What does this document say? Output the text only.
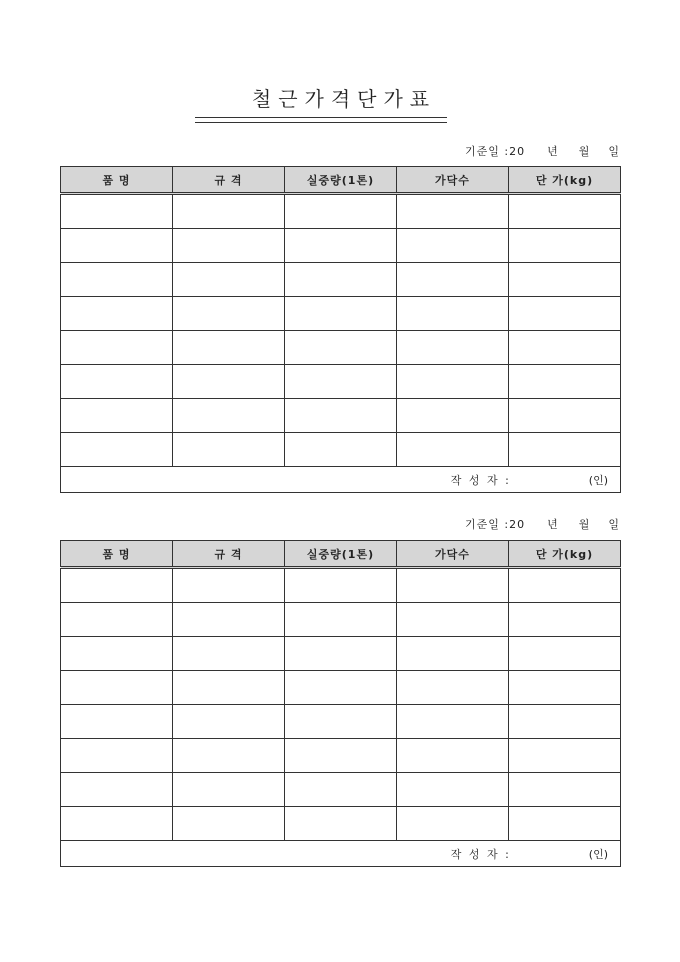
철근가격단가표
기준일 :20 년 월 일
품 명	규 격	실중량(1톤)	가닥수	단 가(kg)

작 성 자 : (인)				
기준일 :20 년 월 일
품 명	규 격	실중량(1톤)	가닥수	단 가(kg)

작 성 자 : (인)				
